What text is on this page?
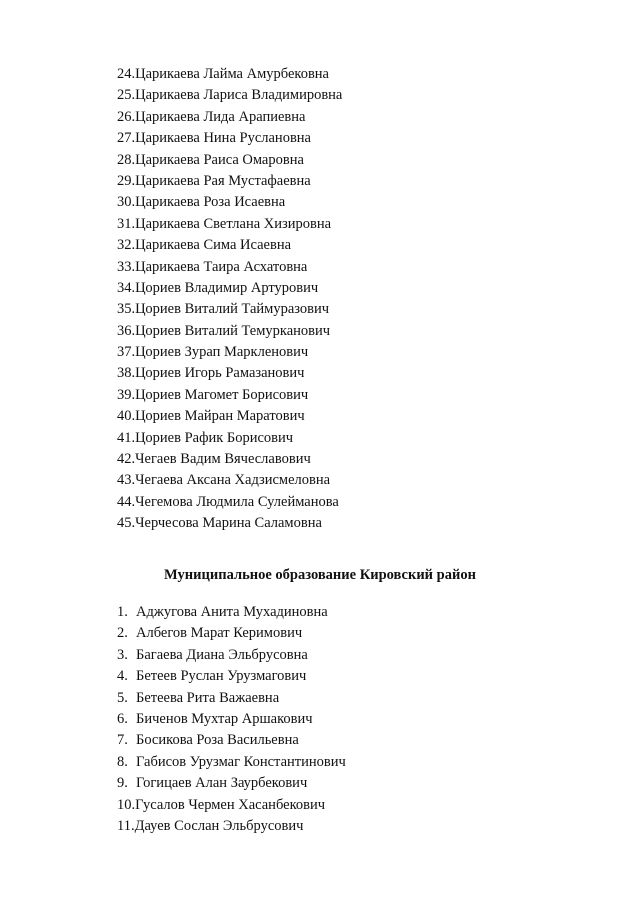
24.Царикаева Лайма Амурбековна
25.Царикаева Лариса Владимировна
26.Царикаева Лида Арапиевна
27.Царикаева Нина Руслановна
28.Царикаева Раиса Омаровна
29.Царикаева Рая Мустафаевна
30.Царикаева Роза Исаевна
31.Царикаева Светлана Хизировна
32.Царикаева Сима Исаевна
33.Царикаева Таира Асхатовна
34.Цориев Владимир Артурович
35.Цориев Виталий Таймуразович
36.Цориев Виталий Темурканович
37.Цориев Зурап Маркленович
38.Цориев Игорь Рамазанович
39.Цориев Магомет Борисович
40.Цориев Майран Маратович
41.Цориев Рафик Борисович
42.Чегаев Вадим Вячеславович
43.Чегаева Аксана Хадзисмеловна
44.Чегемова Людмила Сулейманова
45.Черчесова Марина Саламовна
Муниципальное образование Кировский район
1. Аджугова Анита Мухадиновна
2. Албегов Марат Керимович
3. Багаева Диана Эльбрусовна
4. Бетеев Руслан Урузмагович
5. Бетеева Рита Важаевна
6. Биченов Мухтар Аршакович
7. Босикова Роза Васильевна
8. Габисов Урузмаг Константинович
9. Гогицаев Алан Заурбекович
10.Гусалов Чермен Хасанбекович
11.Дауев Сослан Эльбрусович
